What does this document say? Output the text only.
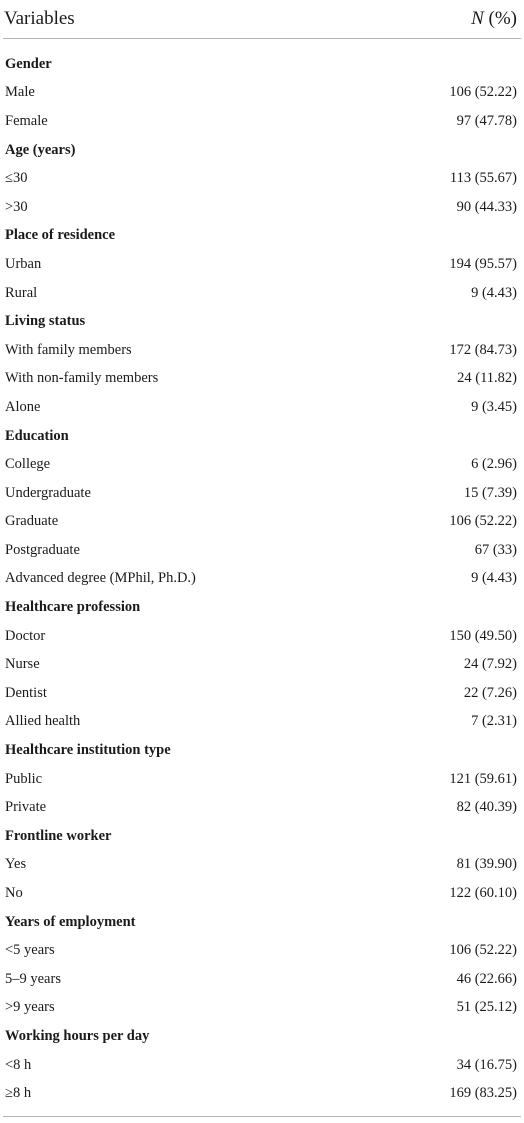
Variables	N (%)
Gender
Male	106 (52.22)
Female	97 (47.78)
Age (years)
≤30	113 (55.67)
>30	90 (44.33)
Place of residence
Urban	194 (95.57)
Rural	9 (4.43)
Living status
With family members	172 (84.73)
With non-family members	24 (11.82)
Alone	9 (3.45)
Education
College	6 (2.96)
Undergraduate	15 (7.39)
Graduate	106 (52.22)
Postgraduate	67 (33)
Advanced degree (MPhil, Ph.D.)	9 (4.43)
Healthcare profession
Doctor	150 (49.50)
Nurse	24 (7.92)
Dentist	22 (7.26)
Allied health	7 (2.31)
Healthcare institution type
Public	121 (59.61)
Private	82 (40.39)
Frontline worker
Yes	81 (39.90)
No	122 (60.10)
Years of employment
<5 years	106 (52.22)
5–9 years	46 (22.66)
>9 years	51 (25.12)
Working hours per day
<8 h	34 (16.75)
≥8 h	169 (83.25)
